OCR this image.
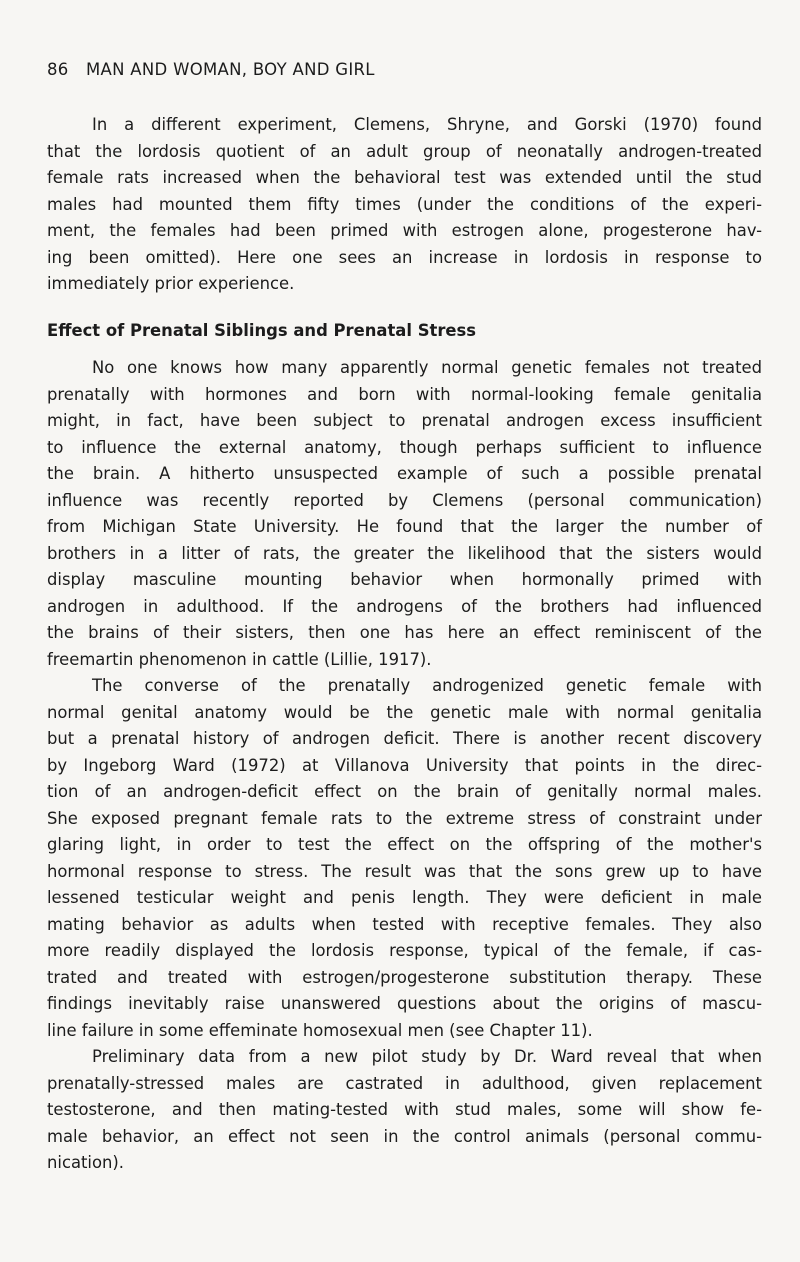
86 MAN AND WOMAN, BOY AND GIRL
In a different experiment, Clemens, Shryne, and Gorski (1970) found
that the lordosis quotient of an adult group of neonatally androgen-treated
female rats increased when the behavioral test was extended until the stud
males had mounted them fifty times (under the conditions of the experi-
ment, the females had been primed with estrogen alone, progesterone hav-
ing been omitted). Here one sees an increase in lordosis in response to
immediately prior experience.
Effect of Prenatal Siblings and Prenatal Stress
No one knows how many apparently normal genetic females not treated
prenatally with hormones and born with normal-looking female genitalia
might, in fact, have been subject to prenatal androgen excess insufficient
to influence the external anatomy, though perhaps sufficient to influence
the brain. A hitherto unsuspected example of such a possible prenatal
influence was recently reported by Clemens (personal communication)
from Michigan State University. He found that the larger the number of
brothers in a litter of rats, the greater the likelihood that the sisters would
display masculine mounting behavior when hormonally primed with
androgen in adulthood. If the androgens of the brothers had influenced
the brains of their sisters, then one has here an effect reminiscent of the
freemartin phenomenon in cattle (Lillie, 1917).
The converse of the prenatally androgenized genetic female with
normal genital anatomy would be the genetic male with normal genitalia
but a prenatal history of androgen deficit. There is another recent discovery
by Ingeborg Ward (1972) at Villanova University that points in the direc-
tion of an androgen-deficit effect on the brain of genitally normal males.
She exposed pregnant female rats to the extreme stress of constraint under
glaring light, in order to test the effect on the offspring of the mother's
hormonal response to stress. The result was that the sons grew up to have
lessened testicular weight and penis length. They were deficient in male
mating behavior as adults when tested with receptive females. They also
more readily displayed the lordosis response, typical of the female, if cas-
trated and treated with estrogen/progesterone substitution therapy. These
findings inevitably raise unanswered questions about the origins of mascu-
line failure in some effeminate homosexual men (see Chapter 11).
Preliminary data from a new pilot study by Dr. Ward reveal that when
prenatally-stressed males are castrated in adulthood, given replacement
testosterone, and then mating-tested with stud males, some will show fe-
male behavior, an effect not seen in the control animals (personal commu-
nication).
